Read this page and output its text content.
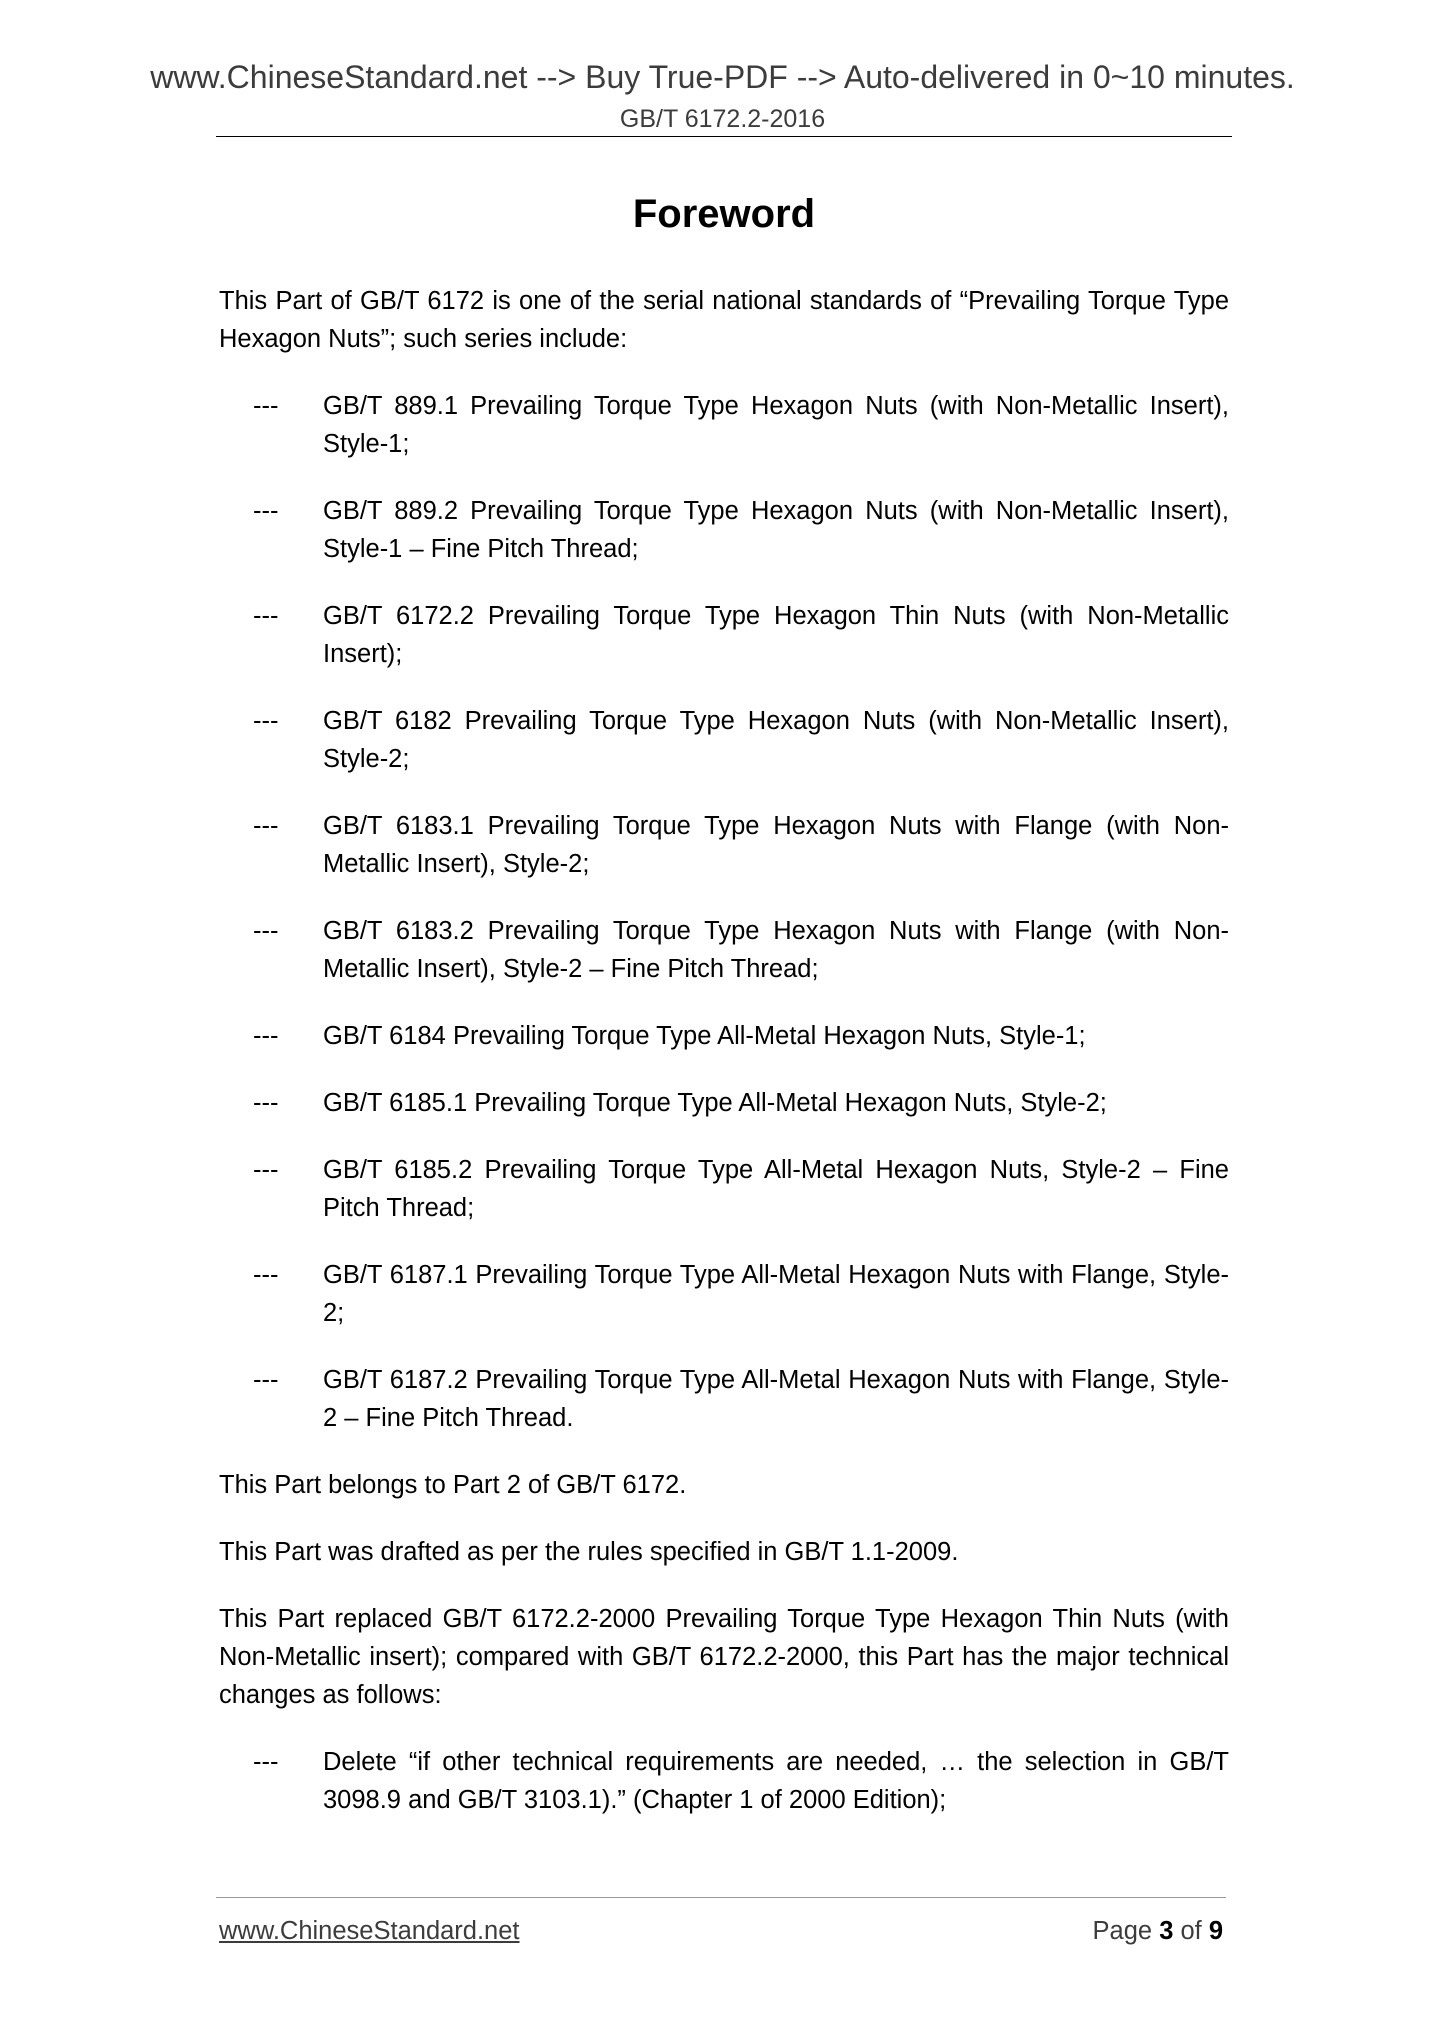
www.ChineseStandard.net --> Buy True-PDF --> Auto-delivered in 0~10 minutes.
GB/T 6172.2-2016
Foreword

This Part of GB/T 6172 is one of the serial national standards of “Prevailing Torque Type Hexagon Nuts”; such series include:

--- GB/T 889.1 Prevailing Torque Type Hexagon Nuts (with Non-Metallic Insert), Style-1;
--- GB/T 889.2 Prevailing Torque Type Hexagon Nuts (with Non-Metallic Insert), Style-1 – Fine Pitch Thread;
--- GB/T 6172.2 Prevailing Torque Type Hexagon Thin Nuts (with Non-Metallic Insert);
--- GB/T 6182 Prevailing Torque Type Hexagon Nuts (with Non-Metallic Insert), Style-2;
--- GB/T 6183.1 Prevailing Torque Type Hexagon Nuts with Flange (with Non-Metallic Insert), Style-2;
--- GB/T 6183.2 Prevailing Torque Type Hexagon Nuts with Flange (with Non-Metallic Insert), Style-2 – Fine Pitch Thread;
--- GB/T 6184 Prevailing Torque Type All-Metal Hexagon Nuts, Style-1;
--- GB/T 6185.1 Prevailing Torque Type All-Metal Hexagon Nuts, Style-2;
--- GB/T 6185.2 Prevailing Torque Type All-Metal Hexagon Nuts, Style-2 – Fine Pitch Thread;
--- GB/T 6187.1 Prevailing Torque Type All-Metal Hexagon Nuts with Flange, Style-2;
--- GB/T 6187.2 Prevailing Torque Type All-Metal Hexagon Nuts with Flange, Style-2 – Fine Pitch Thread.

This Part belongs to Part 2 of GB/T 6172.

This Part was drafted as per the rules specified in GB/T 1.1-2009.

This Part replaced GB/T 6172.2-2000 Prevailing Torque Type Hexagon Thin Nuts (with Non-Metallic insert); compared with GB/T 6172.2-2000, this Part has the major technical changes as follows:

--- Delete “if other technical requirements are needed, … the selection in GB/T 3098.9 and GB/T 3103.1).” (Chapter 1 of 2000 Edition);
www.ChineseStandard.net	Page 3 of 9
